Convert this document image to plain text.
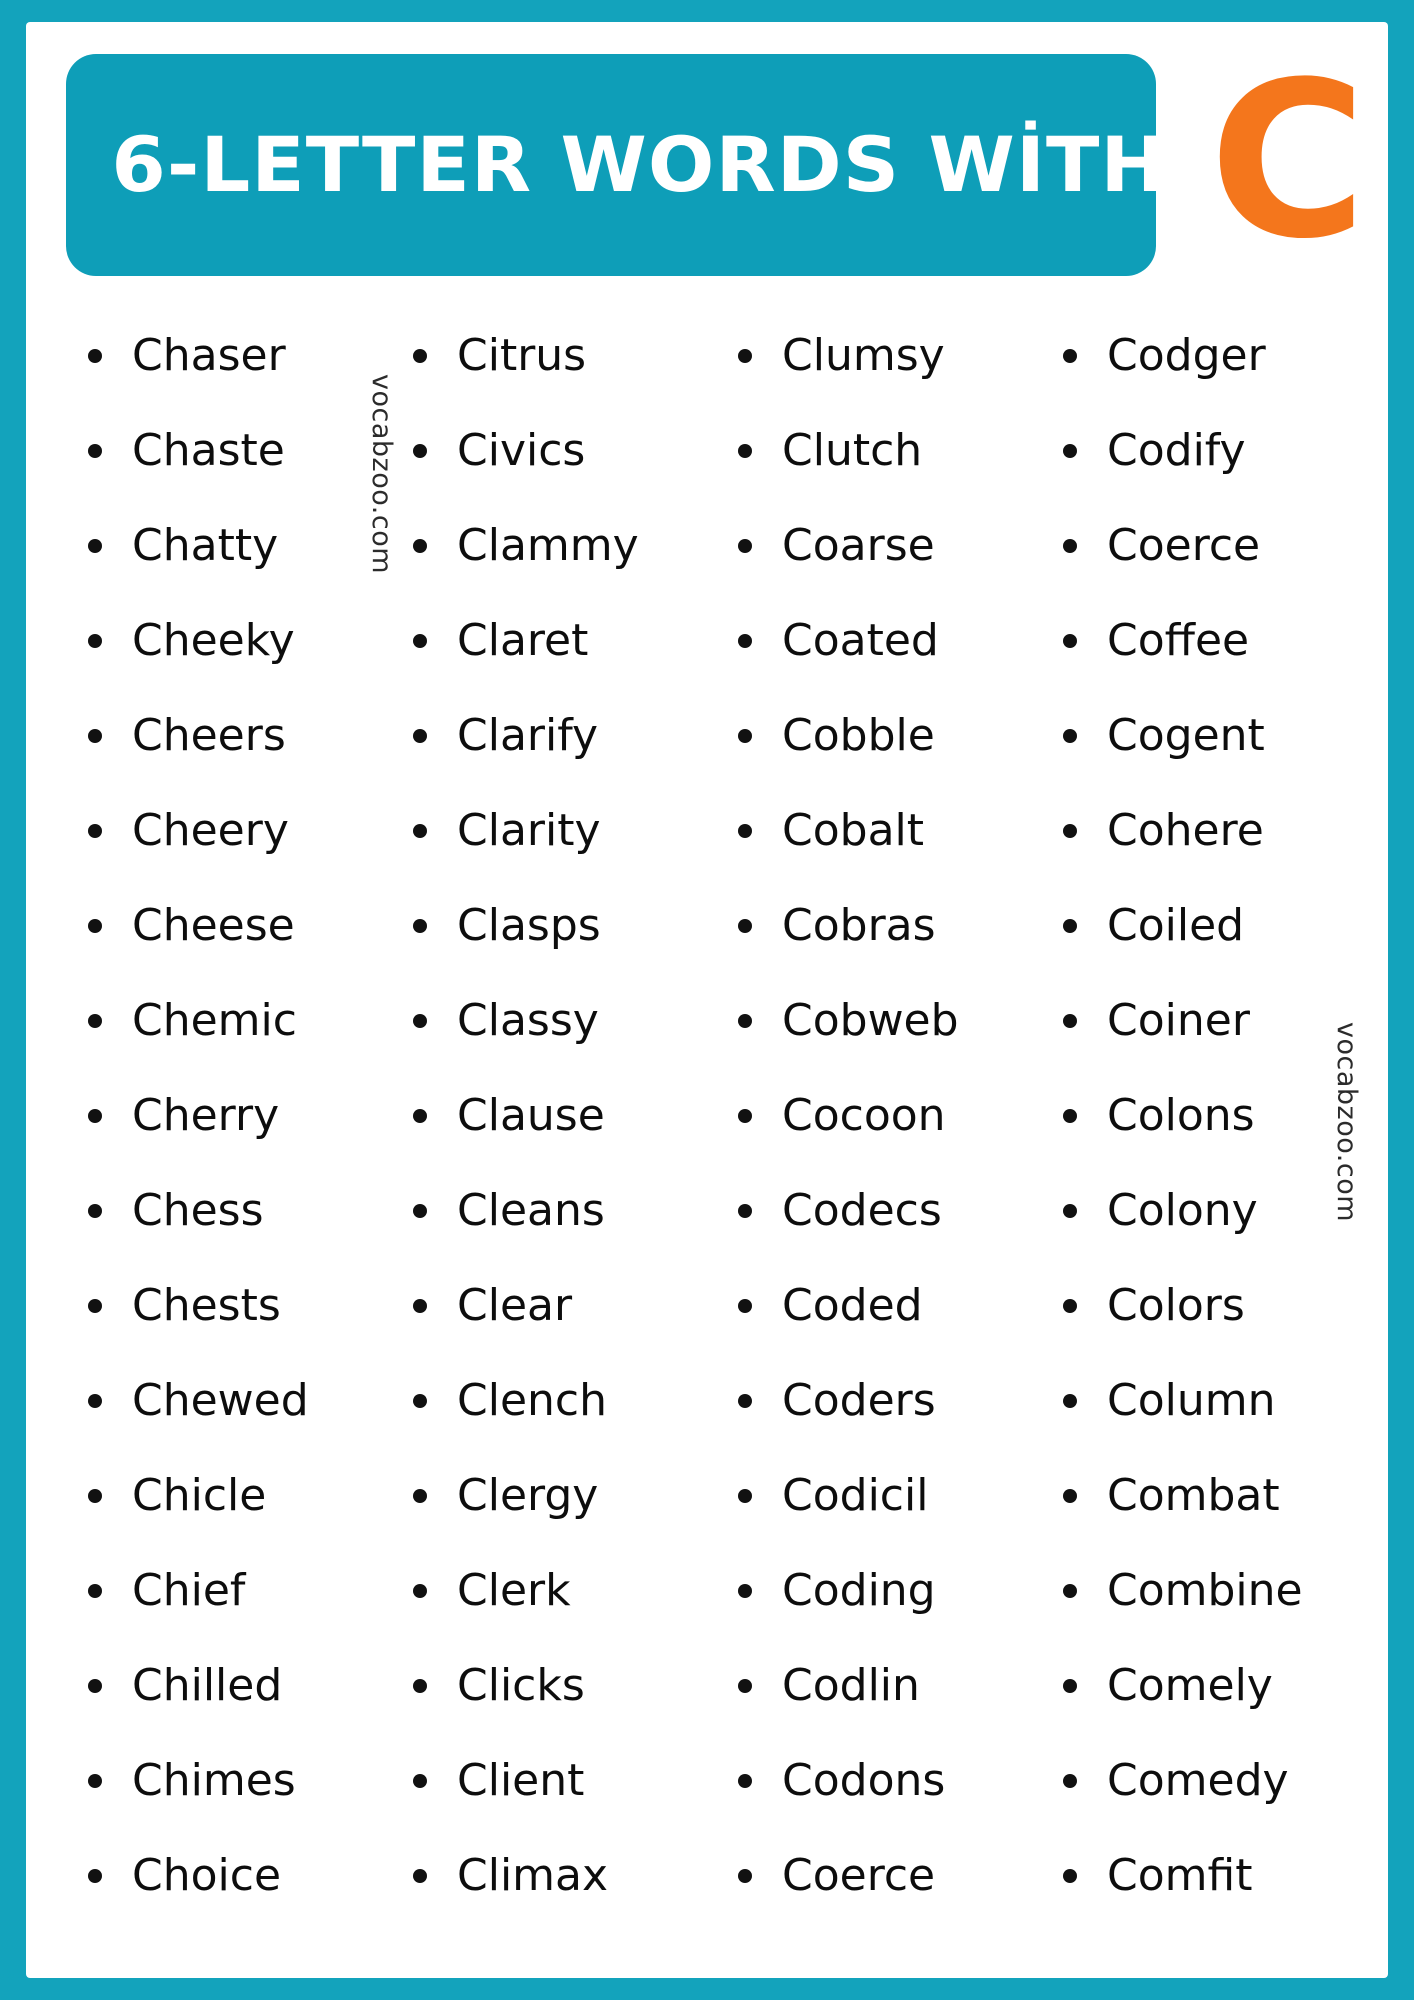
6-LETTER WORDS WİTH C
vocabzoo.com
vocabzoo.com
Chaser
Chaste
Chatty
Cheeky
Cheers
Cheery
Cheese
Chemic
Cherry
Chess
Chests
Chewed
Chicle
Chief
Chilled
Chimes
Choice
Citrus
Civics
Clammy
Claret
Clarify
Clarity
Clasps
Classy
Clause
Cleans
Clear
Clench
Clergy
Clerk
Clicks
Client
Climax
Clumsy
Clutch
Coarse
Coated
Cobble
Cobalt
Cobras
Cobweb
Cocoon
Codecs
Coded
Coders
Codicil
Coding
Codlin
Codons
Coerce
Codger
Codify
Coerce
Coffee
Cogent
Cohere
Coiled
Coiner
Colons
Colony
Colors
Column
Combat
Combine
Comely
Comedy
Comfit
